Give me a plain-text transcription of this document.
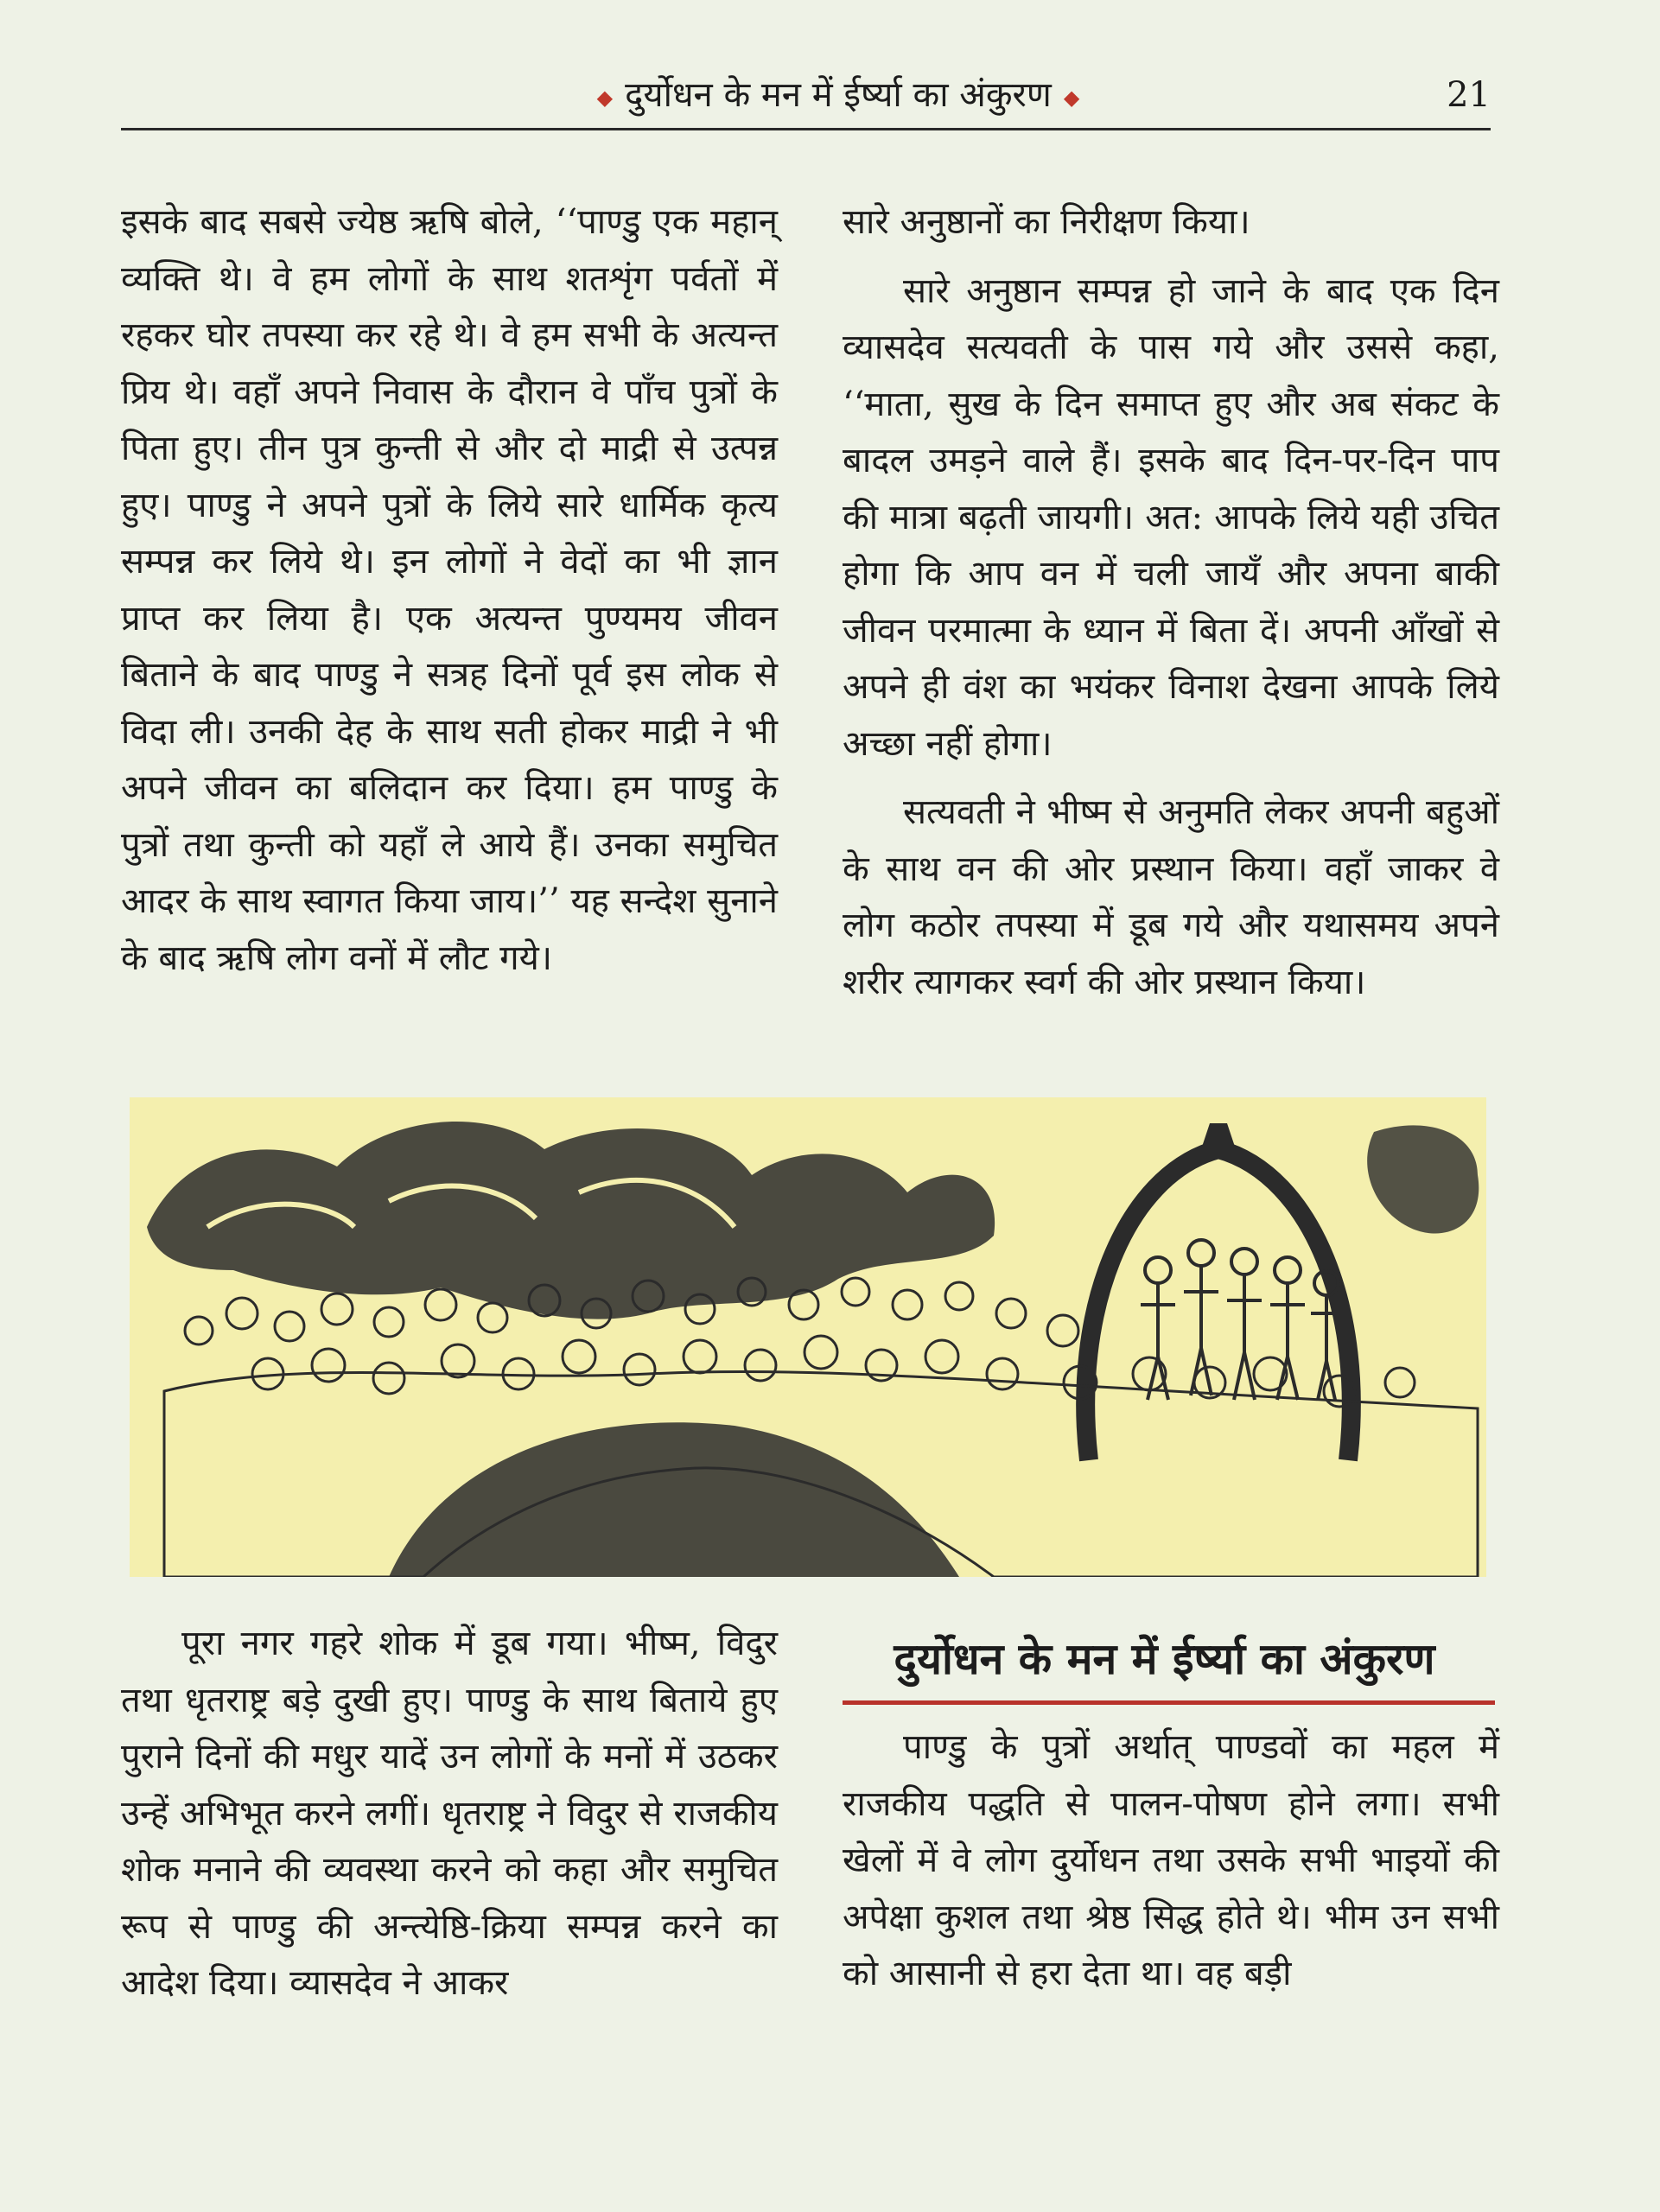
◆ दुर्योधन के मन में ईर्ष्या का अंकुरण ◆	21

इसके बाद सबसे ज्येष्ठ ऋषि बोले, ‘‘पाण्डु एक महान् व्यक्ति थे। वे हम लोगों के साथ शतशृंग पर्वतों में रहकर घोर तपस्या कर रहे थे। वे हम सभी के अत्यन्त प्रिय थे। वहाँ अपने निवास के दौरान वे पाँच पुत्रों के पिता हुए। तीन पुत्र कुन्ती से और दो माद्री से उत्पन्न हुए। पाण्डु ने अपने पुत्रों के लिये सारे धार्मिक कृत्य सम्पन्न कर लिये थे। इन लोगों ने वेदों का भी ज्ञान प्राप्त कर लिया है। एक अत्यन्त पुण्यमय जीवन बिताने के बाद पाण्डु ने सत्रह दिनों पूर्व इस लोक से विदा ली। उनकी देह के साथ सती होकर माद्री ने भी अपने जीवन का बलिदान कर दिया। हम पाण्डु के पुत्रों तथा कुन्ती को यहाँ ले आये हैं। उनका समुचित आदर के साथ स्वागत किया जाय।’’ यह सन्देश सुनाने के बाद ऋषि लोग वनों में लौट गये।

सारे अनुष्ठानों का निरीक्षण किया।

सारे अनुष्ठान सम्पन्न हो जाने के बाद एक दिन व्यासदेव सत्यवती के पास गये और उससे कहा, ‘‘माता, सुख के दिन समाप्त हुए और अब संकट के बादल उमड़ने वाले हैं। इसके बाद दिन-पर-दिन पाप की मात्रा बढ़ती जायगी। अत: आपके लिये यही उचित होगा कि आप वन में चली जायँ और अपना बाकी जीवन परमात्मा के ध्यान में बिता दें। अपनी आँखों से अपने ही वंश का भयंकर विनाश देखना आपके लिये अच्छा नहीं होगा।

सत्यवती ने भीष्म से अनुमति लेकर अपनी बहुओं के साथ वन की ओर प्रस्थान किया। वहाँ जाकर वे लोग कठोर तपस्या में डूब गये और यथासमय अपने शरीर त्यागकर स्वर्ग की ओर प्रस्थान किया।

पूरा नगर गहरे शोक में डूब गया। भीष्म, विदुर तथा धृतराष्ट्र बड़े दुखी हुए। पाण्डु के साथ बिताये हुए पुराने दिनों की मधुर यादें उन लोगों के मनों में उठकर उन्हें अभिभूत करने लगीं। धृतराष्ट्र ने विदुर से राजकीय शोक मनाने की व्यवस्था करने को कहा और समुचित रूप से पाण्डु की अन्त्येष्ठि-क्रिया सम्पन्न करने का आदेश दिया। व्यासदेव ने आकर

दुर्योधन के मन में ईर्ष्या का अंकुरण

पाण्डु के पुत्रों अर्थात् पाण्डवों का महल में राजकीय पद्धति से पालन-पोषण होने लगा। सभी खेलों में वे लोग दुर्योधन तथा उसके सभी भाइयों की अपेक्षा कुशल तथा श्रेष्ठ सिद्ध होते थे। भीम उन सभी को आसानी से हरा देता था। वह बड़ी
